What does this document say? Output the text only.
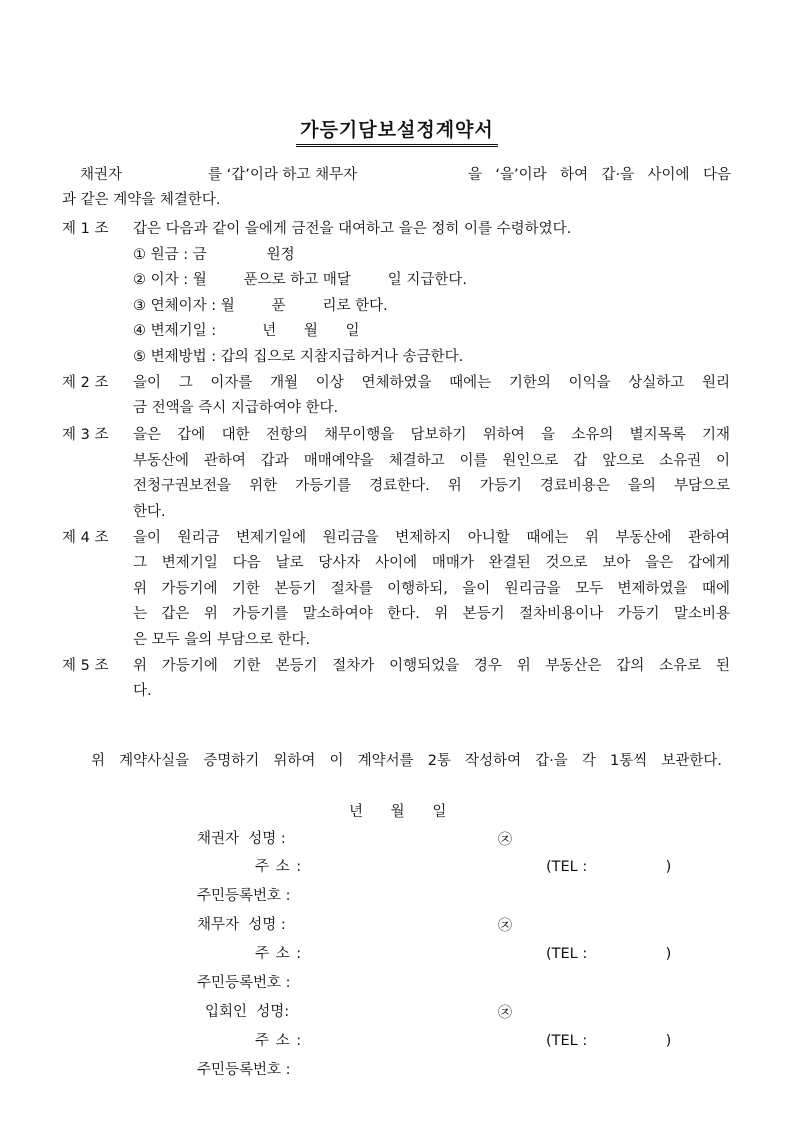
가등기담보설정계약서
채권자	를 ‘갑’이라 하고 채무자	을 ‘을’이라 하여 갑·을 사이에 다음
과 같은 계약을 체결한다.
제 1 조 갑은 다음과 같이 을에게 금전을 대여하고 을은 정히 이를 수령하였다.
① 원금 : 금             원정
② 이자 : 월        푼으로 하고 매달        일 지급한다.
③ 연체이자 : 월        푼        리로 한다.
④ 변제기일 :          년      월      일
⑤ 변제방법 : 갑의 집으로 지참지급하거나 송금한다.
제 2 조 을이 그 이자를 개월 이상 연체하였을 때에는 기한의 이익을 상실하고 원리
금 전액을 즉시 지급하여야 한다.
제 3 조 을은 갑에 대한 전항의 채무이행을 담보하기 위하여 을 소유의 별지목록 기재
부동산에 관하여 갑과 매매예약을 체결하고 이를 원인으로 갑 앞으로 소유권 이
전청구권보전을 위한 가등기를 경료한다. 위 가등기 경료비용은 을의 부담으로
한다.
제 4 조 을이 원리금 변제기일에 원리금을 변제하지 아니할 때에는 위 부동산에 관하여
그 변제기일 다음 날로 당사자 사이에 매매가 완결된 것으로 보아 을은 갑에게
위 가등기에 기한 본등기 절차를 이행하되, 을이 원리금을 모두 변제하였을 때에
는 갑은 위 가등기를 말소하여야 한다. 위 본등기 절차비용이나 가등기 말소비용
은 모두 을의 부담으로 한다.
제 5 조 위 가등기에 기한 본등기 절차가 이행되었을 경우 위 부동산은 갑의 소유로 된
다.
위 계약사실을 증명하기 위하여 이 계약서를 2통 작성하여 갑·을 각 1통씩 보관한다.
년      월      일
채권자  성명 :	㉨
주 소 :	(TEL :                 )
주민등록번호 :
채무자  성명 :	㉨
주 소 :	(TEL :                 )
주민등록번호 :
입회인  성명:	㉨
주 소 :	(TEL :                 )
주민등록번호 :
